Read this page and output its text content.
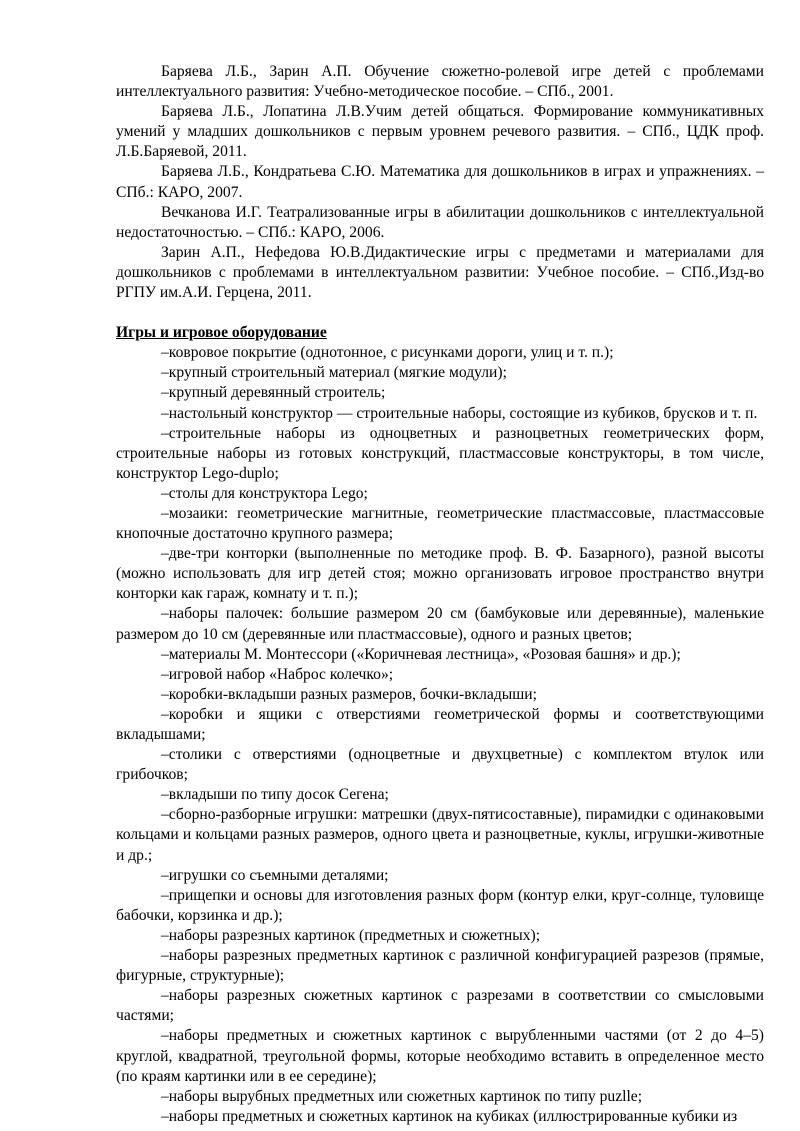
Баряева Л.Б., Зарин А.П. Обучение сюжетно-ролевой игре детей с проблемами интеллектуального развития: Учебно-методическое пособие. – СПб., 2001.

Баряева Л.Б., Лопатина Л.В.Учим детей общаться. Формирование коммуникативных умений у младших дошкольников с первым уровнем речевого развития. – СПб., ЦДК проф. Л.Б.Баряевой, 2011.

Баряева Л.Б., Кондратьева С.Ю. Математика для дошкольников в играх и упражнениях. – СПб.: КАРО, 2007.

Вечканова И.Г. Театрализованные игры в абилитации дошкольников с интеллектуальной недостаточностью. – СПб.: КАРО, 2006.

Зарин А.П., Нефедова Ю.В.Дидактические игры с предметами и материалами для дошкольников с проблемами в интеллектуальном развитии: Учебное пособие. – СПб.,Изд-во РГПУ им.А.И. Герцена, 2011.

Игры и игровое оборудование

–ковровое покрытие (однотонное, с рисунками дороги, улиц и т. п.);

–крупный строительный материал (мягкие модули);

–крупный деревянный строитель;

–настольный конструктор — строительные наборы, состоящие из кубиков, брусков и т. п.

–строительные наборы из одноцветных и разноцветных геометрических форм, строительные наборы из готовых конструкций, пластмассовые конструкторы, в том числе, конструктор Lego-duplo;

–столы для конструктора Lego;

–мозаики: геометрические магнитные, геометрические пластмассовые, пластмассовые кнопочные достаточно крупного размера;

–две-три конторки (выполненные по методике проф. В. Ф. Базарного), разной высоты (можно использовать для игр детей стоя; можно организовать игровое пространство внутри конторки как гараж, комнату и т. п.);

–наборы палочек: большие размером 20 см (бамбуковые или деревянные), маленькие размером до 10 см (деревянные или пластмассовые), одного и разных цветов;

–материалы М. Монтессори («Коричневая лестница», «Розовая башня» и др.);

–игровой набор «Наброс колечко»;

–коробки-вкладыши разных размеров, бочки-вкладыши;

–коробки и ящики с отверстиями геометрической формы и соответствующими вкладышами;

–столики с отверстиями (одноцветные и двухцветные) с комплектом втулок или грибочков;

–вкладыши по типу досок Сегена;

–сборно-разборные игрушки: матрешки (двух-пятисоставные), пирамидки с одинаковыми кольцами и кольцами разных размеров, одного цвета и разноцветные, куклы, игрушки-животные и др.;

–игрушки со съемными деталями;

–прищепки и основы для изготовления разных форм (контур елки, круг-солнце, туловище бабочки, корзинка и др.);

–наборы разрезных картинок (предметных и сюжетных);

–наборы разрезных предметных картинок с различной конфигурацией разрезов (прямые, фигурные, структурные);

–наборы разрезных сюжетных картинок с разрезами в соответствии со смысловыми частями;

–наборы предметных и сюжетных картинок с вырубленными частями (от 2 до 4–5) круглой, квадратной, треугольной формы, которые необходимо вставить в определенное место (по краям картинки или в ее середине);

–наборы вырубных предметных или сюжетных картинок по типу puzlle;

–наборы предметных и сюжетных картинок на кубиках (иллюстрированные кубики из
